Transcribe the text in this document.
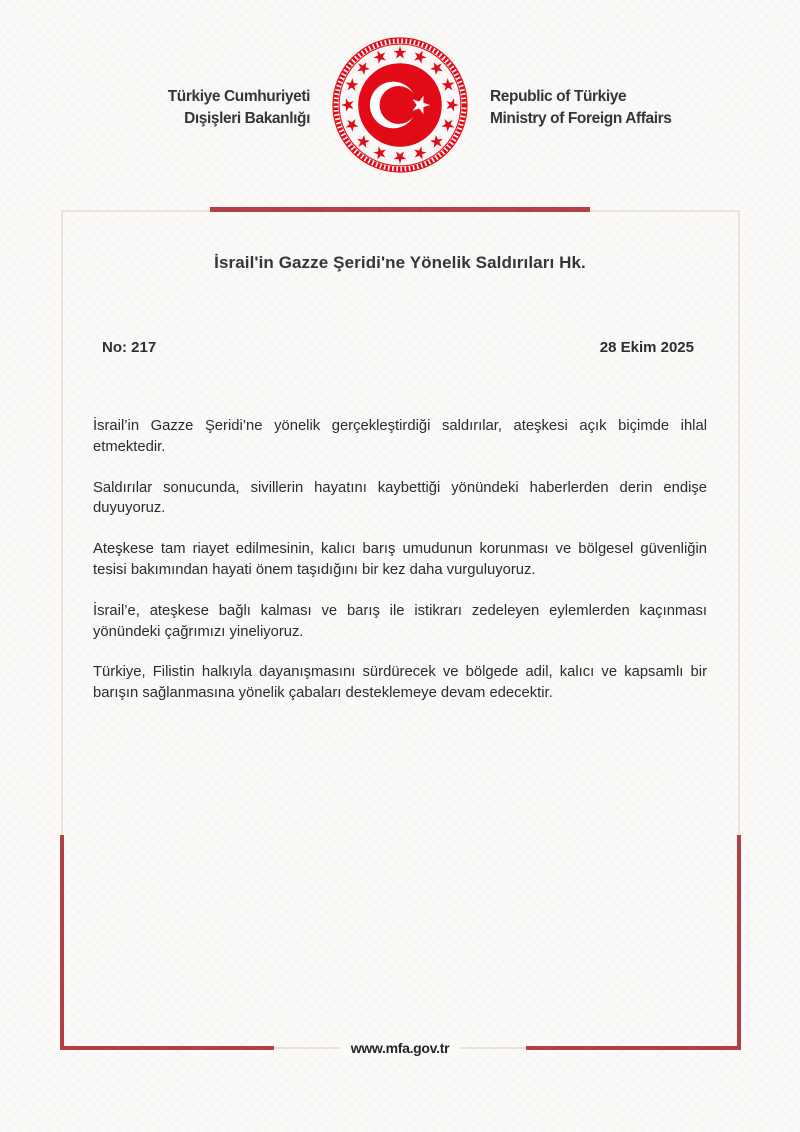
Türkiye Cumhuriyeti
Dışişleri Bakanlığı
Republic of Türkiye
Ministry of Foreign Affairs
İsrail'in Gazze Şeridi'ne Yönelik Saldırıları Hk.
No: 217	28 Ekim 2025

İsrail’in Gazze Şeridi’ne yönelik gerçekleştirdiği saldırılar, ateşkesi açık biçimde ihlal etmektedir.

Saldırılar sonucunda, sivillerin hayatını kaybettiği yönündeki haberlerden derin endişe duyuyoruz.

Ateşkese tam riayet edilmesinin, kalıcı barış umudunun korunması ve bölgesel güvenliğin tesisi bakımından hayati önem taşıdığını bir kez daha vurguluyoruz.

İsrail’e, ateşkese bağlı kalması ve barış ile istikrarı zedeleyen eylemlerden kaçınması yönündeki çağrımızı yineliyoruz.

Türkiye, Filistin halkıyla dayanışmasını sürdürecek ve bölgede adil, kalıcı ve kapsamlı bir barışın sağlanmasına yönelik çabaları desteklemeye devam edecektir.

www.mfa.gov.tr
